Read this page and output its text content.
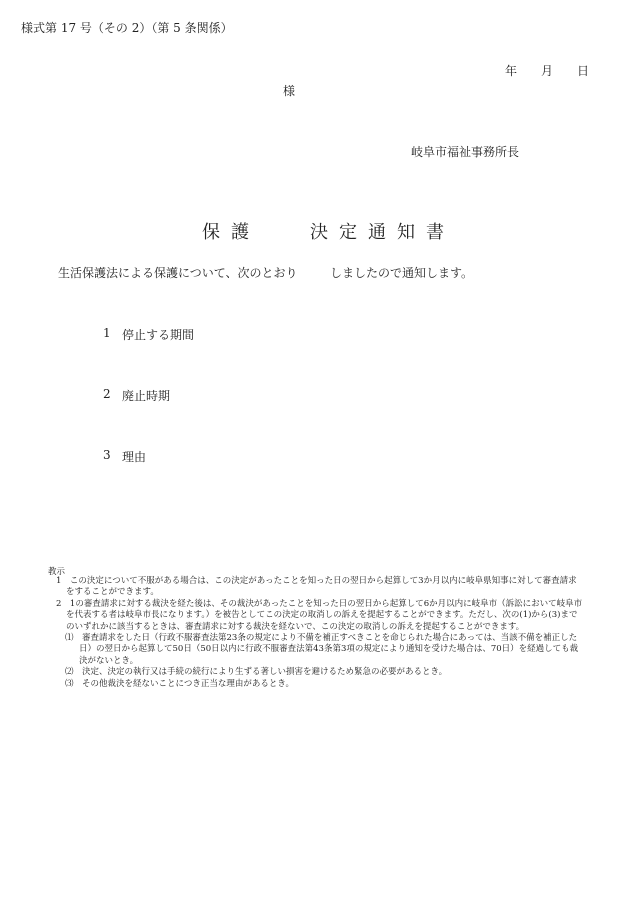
様式第 17 号（その 2）（第 5 条関係）
年 月 日
様
岐阜市福祉事務所長
保護	決定通知書
生活保護法による保護について、次のとおり	しましたので通知します。
1 停止する期間
2 廃止時期
3 理由
教示
1　この決定について不服がある場合は、この決定があったことを知った日の翌日から起算して3か月以内に岐阜県知事に対して審査請求をすることができます。
2　1の審査請求に対する裁決を経た後は、その裁決があったことを知った日の翌日から起算して6か月以内に岐阜市（訴訟において岐阜市を代表する者は岐阜市長になります。）を被告としてこの決定の取消しの訴えを提起することができます。ただし、次の(1)から(3)までのいずれかに該当するときは、審査請求に対する裁決を経ないで、この決定の取消しの訴えを提起することができます。
⑴　審査請求をした日（行政不服審査法第23条の規定により不備を補正すべきことを命じられた場合にあっては、当該不備を補正した日）の翌日から起算して50日（50日以内に行政不服審査法第43条第3項の規定により通知を受けた場合は、70日）を経過しても裁決がないとき。
⑵　決定、決定の執行又は手続の続行により生ずる著しい損害を避けるため緊急の必要があるとき。
⑶　その他裁決を経ないことにつき正当な理由があるとき。
